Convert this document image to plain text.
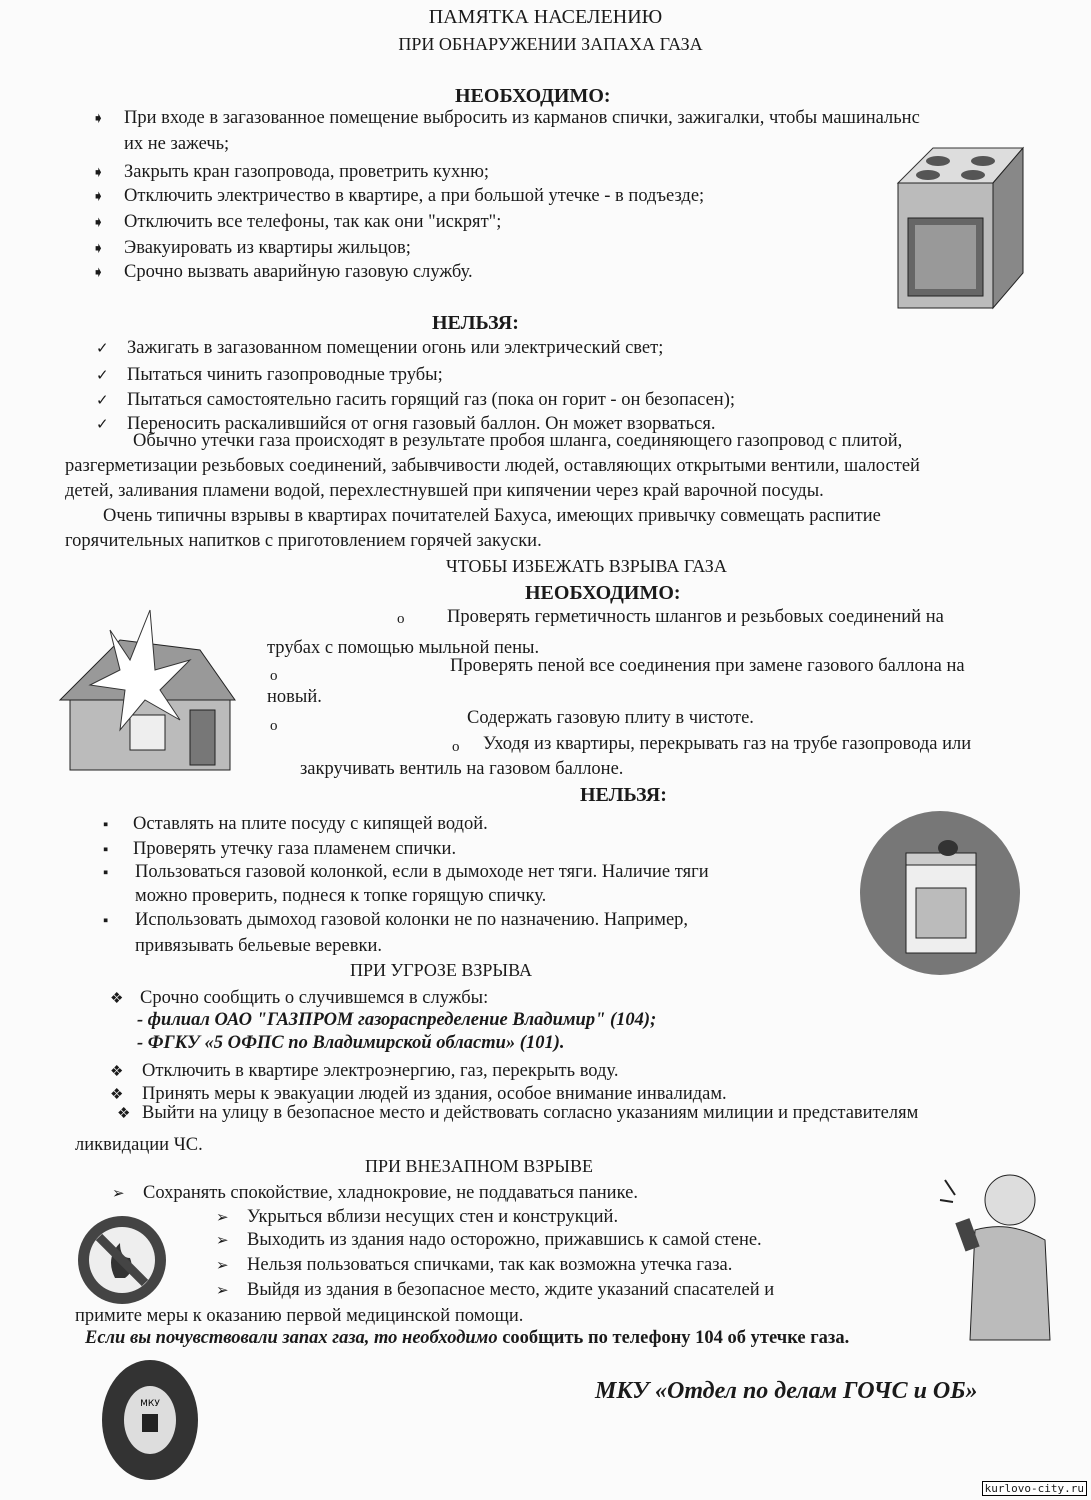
ПАМЯТКА НАСЕЛЕНИЮ
ПРИ ОБНАРУЖЕНИИ ЗАПАХА ГАЗА
НЕОБХОДИМО:
➧ При входе в загазованное помещение выбросить из карманов спички, зажигалки, чтобы машинальнс
их не зажечь;
➧ Закрыть кран газопровода, проветрить кухню;
➧ Отключить электричество в квартире, а при большой утечке - в подъезде;
➧ Отключить все телефоны, так как они "искрят";
➧ Эвакуировать из квартиры жильцов;
➧ Срочно вызвать аварийную газовую службу.
НЕЛЬЗЯ:
✓ Зажигать в загазованном помещении огонь или электрический свет;
✓ Пытаться чинить газопроводные трубы;
✓ Пытаться самостоятельно гасить горящий газ (пока он горит - он безопасен);
✓ Переносить раскалившийся от огня газовый баллон. Он может взорваться.
Обычно утечки газа происходят в результате пробоя шланга, соединяющего газопровод с плитой,
разгерметизации резьбовых соединений, забывчивости людей, оставляющих открытыми вентили, шалостей
детей, заливания пламени водой, перехлестнувшей при кипячении через край варочной посуды.
Очень типичны взрывы в квартирах почитателей Бахуса, имеющих привычку совмещать распитие
горячительных напитков с приготовлением горячей закуски.
ЧТОБЫ ИЗБЕЖАТЬ ВЗРЫВА ГАЗА
НЕОБХОДИМО:
o Проверять герметичность шлангов и резьбовых соединений на
трубах с помощью мыльной пены.
o	Проверять пеной все соединения при замене газового баллона на
новый.
o	Содержать газовую плиту в чистоте.
o Уходя из квартиры, перекрывать газ на трубе газопровода или
закручивать вентиль на газовом баллоне.
НЕЛЬЗЯ:
▪ Оставлять на плите посуду с кипящей водой.
▪ Проверять утечку газа пламенем спички.
▪ Пользоваться газовой колонкой, если в дымоходе нет тяги. Наличие тяги
можно проверить, поднеся к топке горящую спичку.
▪ Использовать дымоход газовой колонки не по назначению. Например,
привязывать бельевые веревки.
ПРИ УГРОЗЕ ВЗРЫВА
❖ Срочно сообщить о случившемся в службы:
- филиал ОАО "ГАЗПРОМ газораспределение Владимир" (104);
- ФГКУ «5 ОФПС по Владимирской области» (101).
❖ Отключить в квартире электроэнергию, газ, перекрыть воду.
❖ Принять меры к эвакуации людей из здания, особое внимание инвалидам.
❖ Выйти на улицу в безопасное место и действовать согласно указаниям милиции и представителям
ликвидации ЧС.
ПРИ ВНЕЗАПНОМ ВЗРЫВЕ
➢ Сохранять спокойствие, хладнокровие, не поддаваться панике.
➢ Укрыться вблизи несущих стен и конструкций.
➢ Выходить из здания надо осторожно, прижавшись к самой стене.
➢ Нельзя пользоваться спичками, так как возможна утечка газа.
➢ Выйдя из здания в безопасное место, ждите указаний спасателей и
примите меры к оказанию первой медицинской помощи.
Если вы почувствовали запах газа, то необходимо сообщить по телефону 104 об утечке газа.
МКУ	МКУ «Отдел по делам ГОЧС и ОБ»
kurlovo-city.ru
